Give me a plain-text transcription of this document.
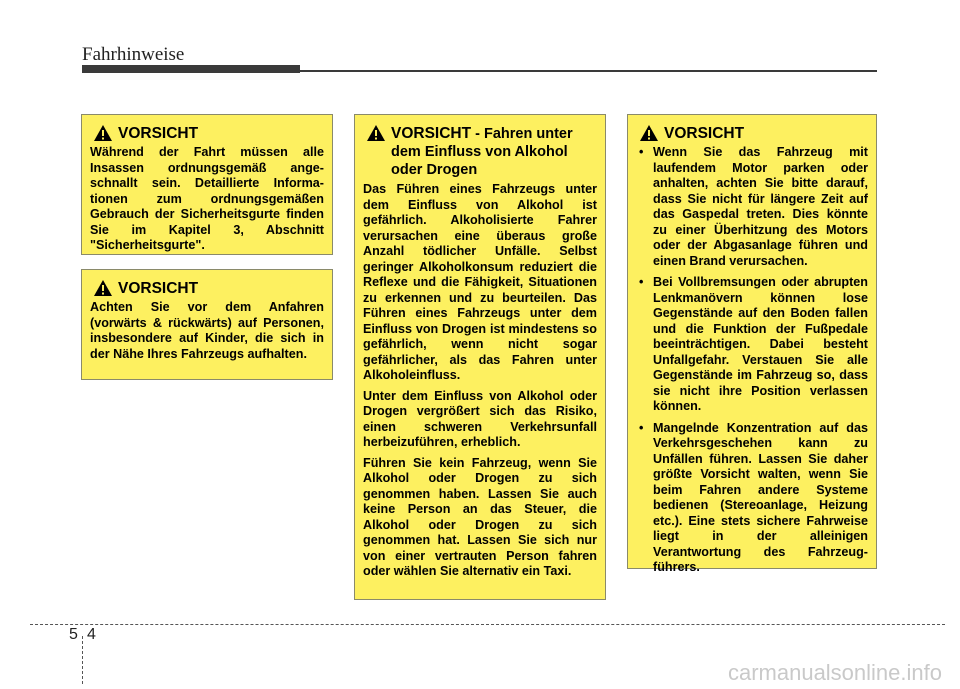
Fahrhinweise
VORSICHT

Während der Fahrt müssen alle Insassen ordnungsgemäß angeschnallt sein. Detaillierte Informationen zum ordnungsgemäßen Gebrauch der Sicherheitsgurte finden Sie im Kapitel 3, Abschnitt "Sicherheitsgurte".

VORSICHT

Achten Sie vor dem Anfahren (vorwärts & rückwärts) auf Personen, insbesondere auf Kinder, die sich in der Nähe Ihres Fahrzeugs aufhalten.

VORSICHT - Fahren unter dem Einfluss von Alkohol oder Drogen

Das Führen eines Fahrzeugs unter dem Einfluss von Alkohol ist gefährlich. Alkoholisierte Fahrer verursachen eine überaus große Anzahl tödlicher Unfälle. Selbst geringer Alkoholkonsum reduziert die Reflexe und die Fähigkeit, Situationen zu erkennen und zu beurteilen. Das Führen eines Fahrzeugs unter dem Einfluss von Drogen ist mindestens so gefährlich, wenn nicht sogar gefährlicher, als das Fahren unter Alkoholeinfluss.

Unter dem Einfluss von Alkohol oder Drogen vergrößert sich das Risiko, einen schweren Verkehrsunfall herbeizuführen, erheblich.

Führen Sie kein Fahrzeug, wenn Sie Alkohol oder Drogen zu sich genommen haben. Lassen Sie auch keine Person an das Steuer, die Alkohol oder Drogen zu sich genommen hat. Lassen Sie sich nur von einer vertrauten Person fahren oder wählen Sie alternativ ein Taxi.

VORSICHT
• Wenn Sie das Fahrzeug mit laufendem Motor parken oder anhalten, achten Sie bitte darauf, dass Sie nicht für längere Zeit auf das Gaspedal treten. Dies könnte zu einer Überhitzung des Motors oder der Abgasanlage führen und einen Brand verursachen.
• Bei Vollbremsungen oder abrupten Lenkmanövern können lose Gegenstände auf den Boden fallen und die Funktion der Fußpedale beeinträchtigen. Dabei besteht Unfallgefahr. Verstauen Sie alle Gegenstände im Fahrzeug so, dass sie nicht ihre Position verlassen können.
• Mangelnde Konzentration auf das Verkehrsgeschehen kann zu Unfällen führen. Lassen Sie daher größte Vorsicht walten, wenn Sie beim Fahren andere Systeme bedienen (Stereoanlage, Heizung etc.). Eine stets sichere Fahrweise liegt in der alleinigen Verantwortung des Fahrzeugführers.
5 4
carmanualsonline.info
